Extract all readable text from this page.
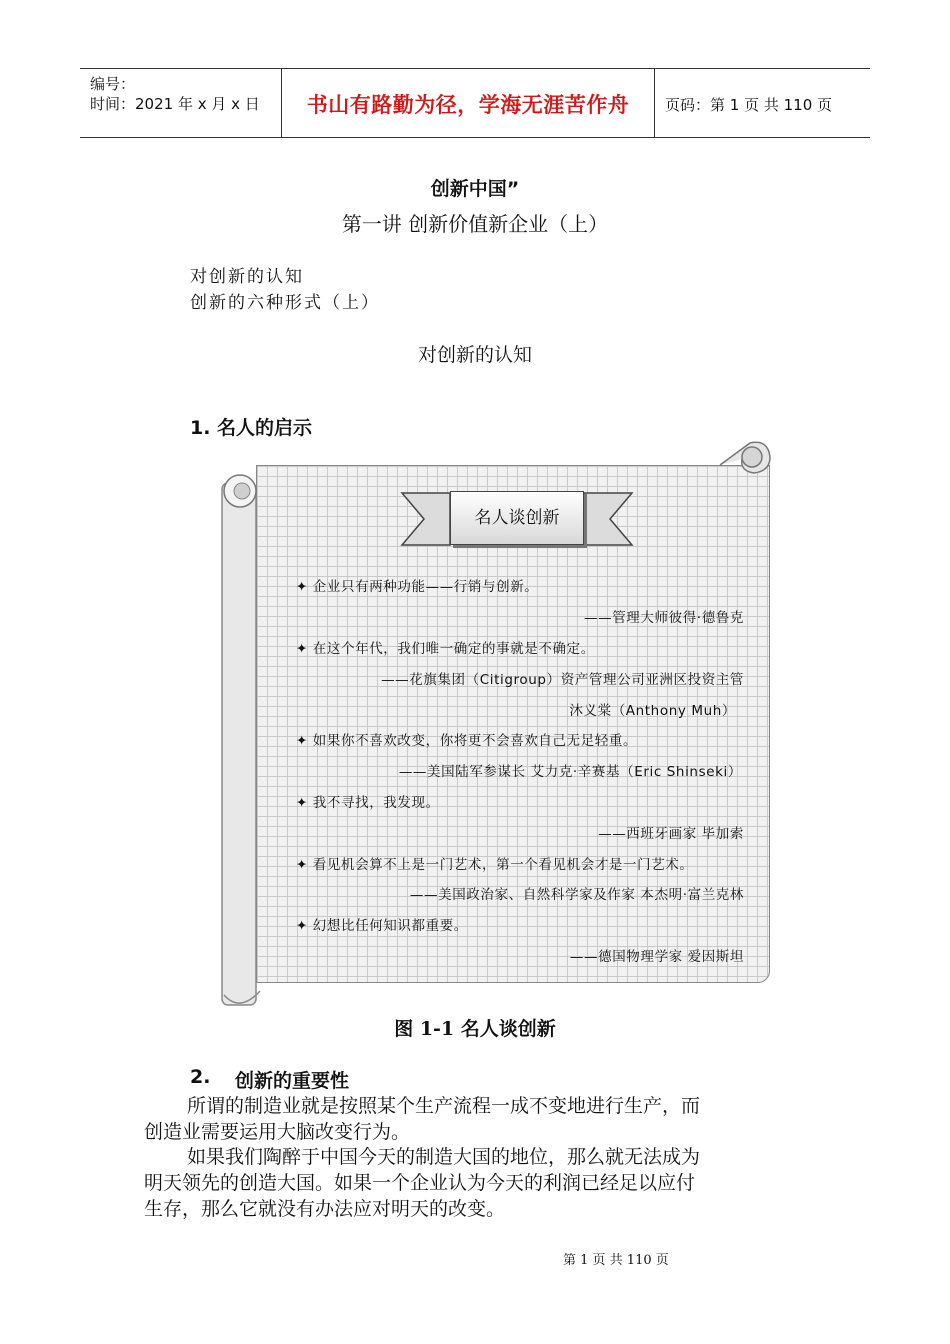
编号：
时间：2021 年 x 月 x 日	书山有路勤为径，学海无涯苦作舟	页码：第 1 页 共 110 页
创新中国”
第一讲 创新价值新企业（上）
对创新的认知
创新的六种形式（上）
对创新的认知
1. 名人的启示
名人谈创新
✦ 企业只有两种功能——行销与创新。
——管理大师彼得·德鲁克
✦ 在这个年代，我们唯一确定的事就是不确定。
——花旗集团（Citigroup）资产管理公司亚洲区投资主管
沐义棠（Anthony Muh）
✦ 如果你不喜欢改变，你将更不会喜欢自己无足轻重。
——美国陆军参谋长 艾力克·辛赛基（Eric Shinseki）
✦ 我不寻找，我发现。
——西班牙画家 毕加索
✦ 看见机会算不上是一门艺术，第一个看见机会才是一门艺术。
——美国政治家、自然科学家及作家 本杰明·富兰克林
✦ 幻想比任何知识都重要。
——德国物理学家 爱因斯坦
图 1-1 名人谈创新
2. 创新的重要性
所谓的制造业就是按照某个生产流程一成不变地进行生产，而
创造业需要运用大脑改变行为。
如果我们陶醉于中国今天的制造大国的地位，那么就无法成为
明天领先的创造大国。如果一个企业认为今天的利润已经足以应付
生存，那么它就没有办法应对明天的改变。
第 1 页 共 110 页
